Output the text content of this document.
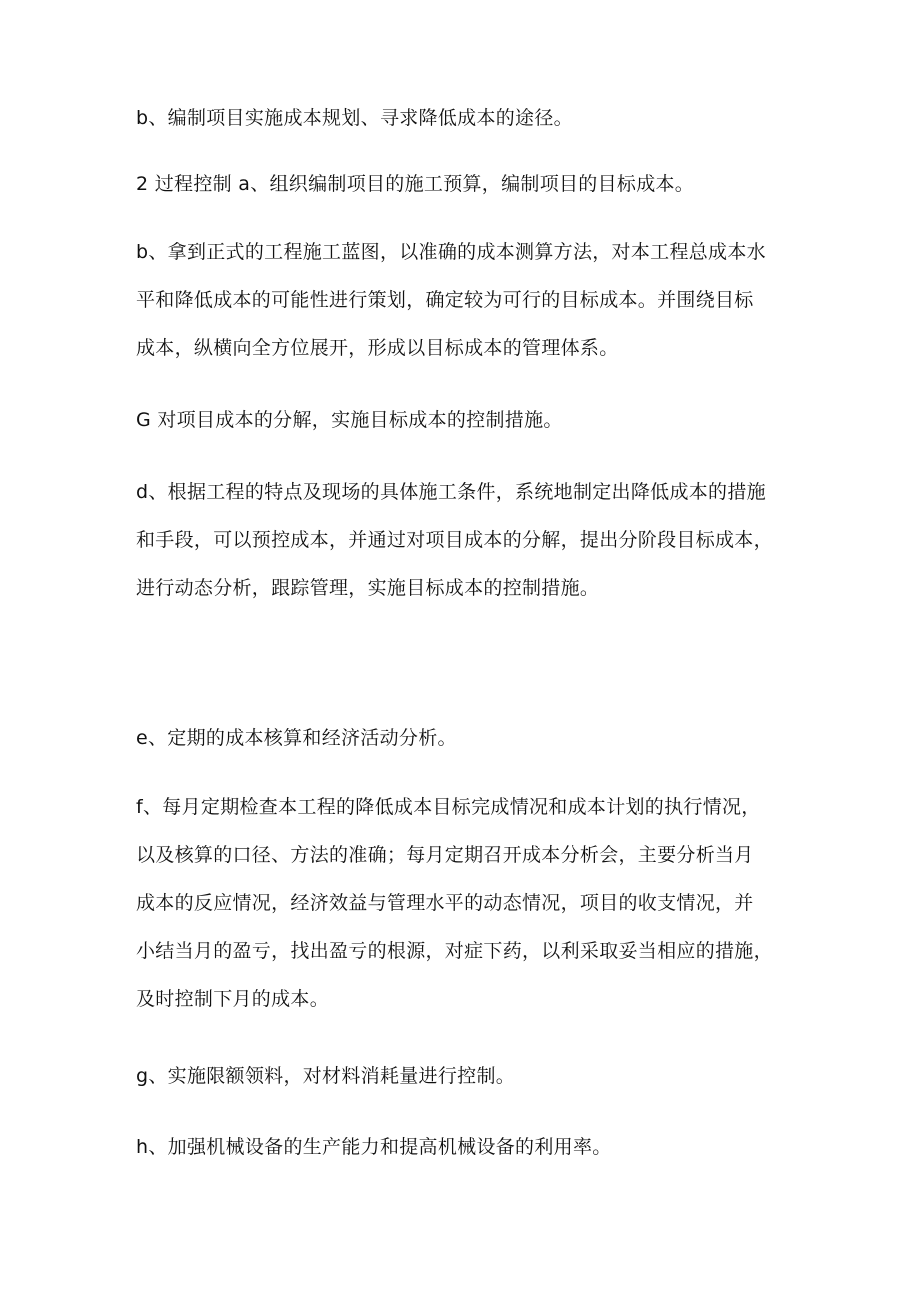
b、编制项目实施成本规划、寻求降低成本的途径。

2 过程控制 a、组织编制项目的施工预算，编制项目的目标成本。

b、拿到正式的工程施工蓝图，以准确的成本测算方法，对本工程总成本水
平和降低成本的可能性进行策划，确定较为可行的目标成本。并围绕目标
成本，纵横向全方位展开，形成以目标成本的管理体系。

G 对项目成本的分解，实施目标成本的控制措施。

d、根据工程的特点及现场的具体施工条件，系统地制定出降低成本的措施
和手段，可以预控成本，并通过对项目成本的分解，提出分阶段目标成本，
进行动态分析，跟踪管理，实施目标成本的控制措施。

e、定期的成本核算和经济活动分析。

f、每月定期检查本工程的降低成本目标完成情况和成本计划的执行情况，
以及核算的口径、方法的准确；每月定期召开成本分析会，主要分析当月
成本的反应情况，经济效益与管理水平的动态情况，项目的收支情况，并
小结当月的盈亏，找出盈亏的根源，对症下药，以利采取妥当相应的措施，
及时控制下月的成本。

g、实施限额领料，对材料消耗量进行控制。

h、加强机械设备的生产能力和提高机械设备的利用率。
